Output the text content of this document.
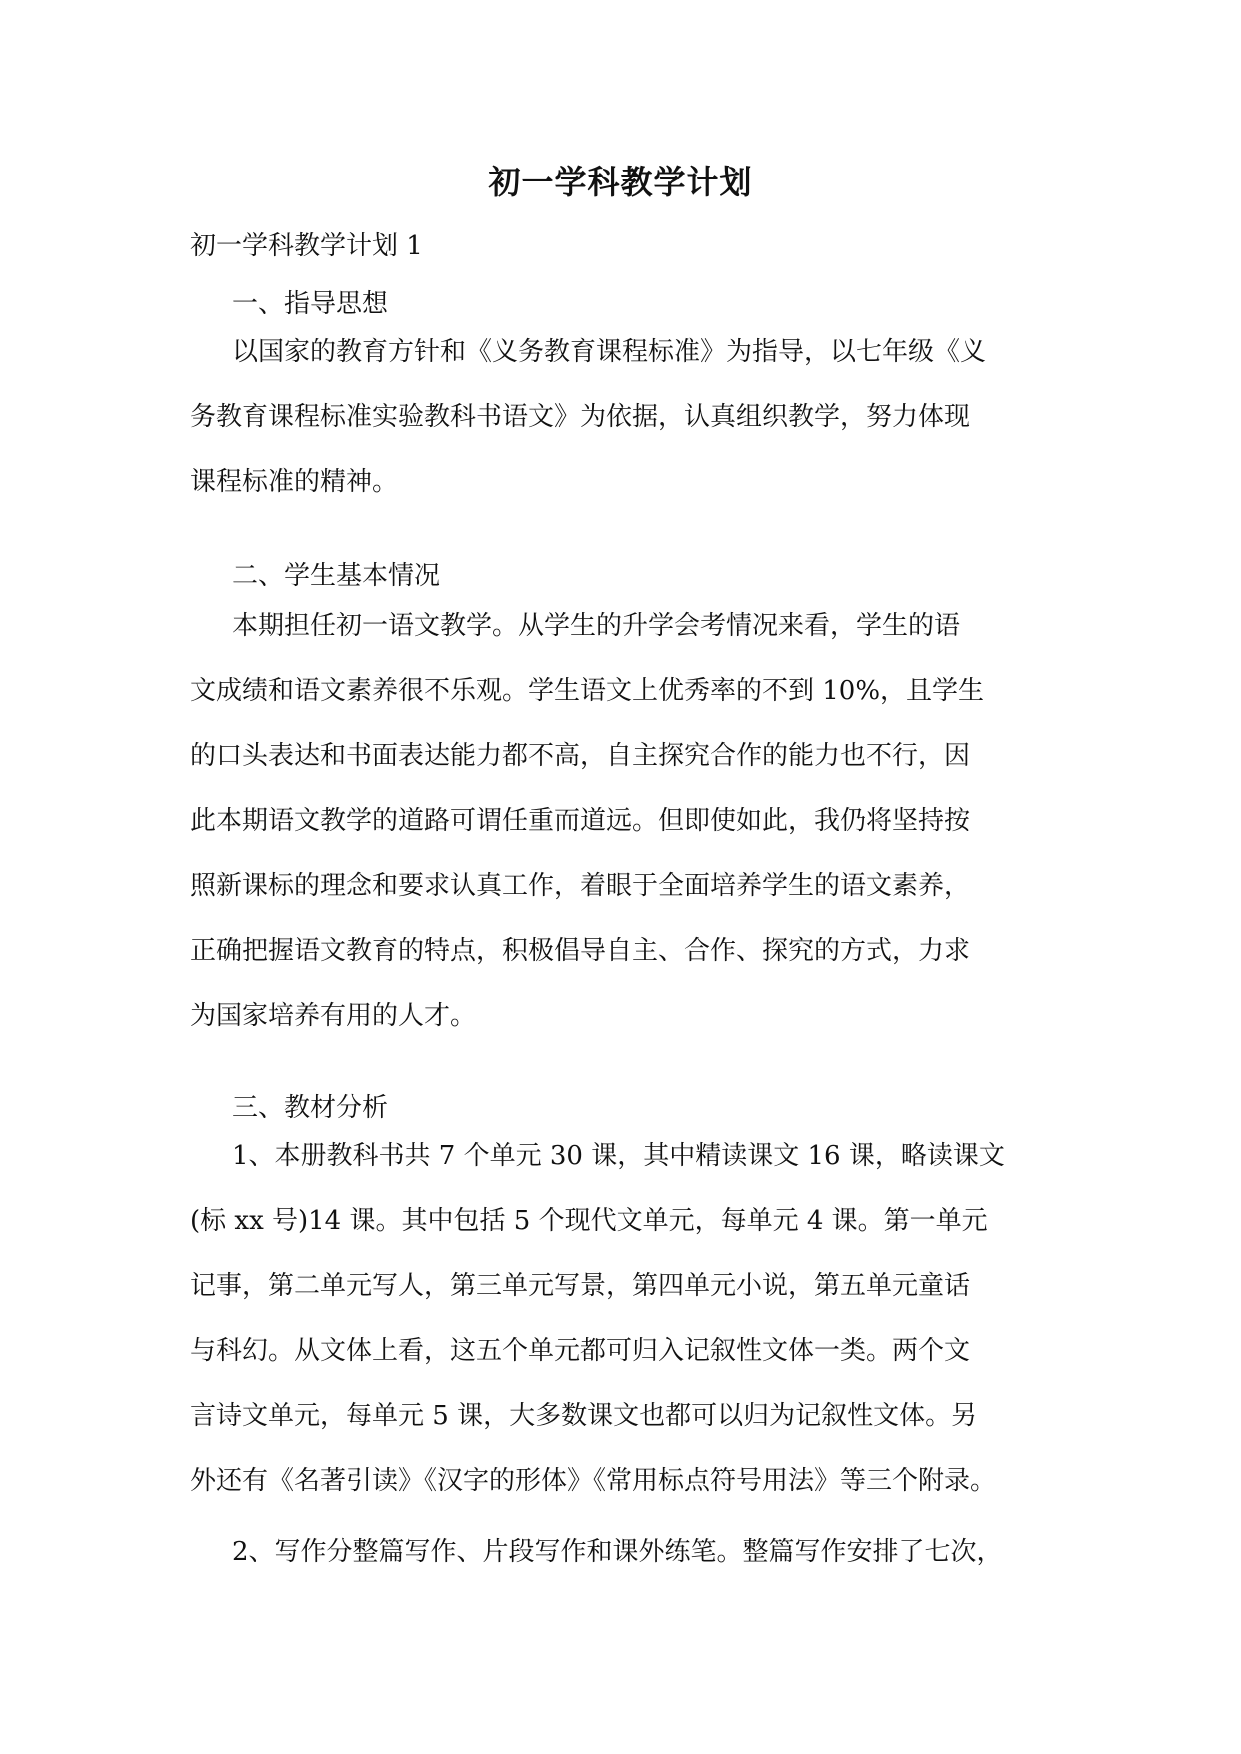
初一学科教学计划
初一学科教学计划 1
一、指导思想
以国家的教育方针和《义务教育课程标准》为指导，以七年级《义
务教育课程标准实验教科书语文》为依据，认真组织教学，努力体现
课程标准的精神。
二、学生基本情况
本期担任初一语文教学。从学生的升学会考情况来看，学生的语
文成绩和语文素养很不乐观。学生语文上优秀率的不到 10%，且学生
的口头表达和书面表达能力都不高，自主探究合作的能力也不行，因
此本期语文教学的道路可谓任重而道远。但即使如此，我仍将坚持按
照新课标的理念和要求认真工作，着眼于全面培养学生的语文素养，
正确把握语文教育的特点，积极倡导自主、合作、探究的方式，力求
为国家培养有用的人才。
三、教材分析
1、本册教科书共 7 个单元 30 课，其中精读课文 16 课，略读课文
(标 xx 号)14 课。其中包括 5 个现代文单元，每单元 4 课。第一单元
记事，第二单元写人，第三单元写景，第四单元小说，第五单元童话
与科幻。从文体上看，这五个单元都可归入记叙性文体一类。两个文
言诗文单元，每单元 5 课，大多数课文也都可以归为记叙性文体。另
外还有《名著引读》《汉字的形体》《常用标点符号用法》等三个附录。
2、写作分整篇写作、片段写作和课外练笔。整篇写作安排了七次，
